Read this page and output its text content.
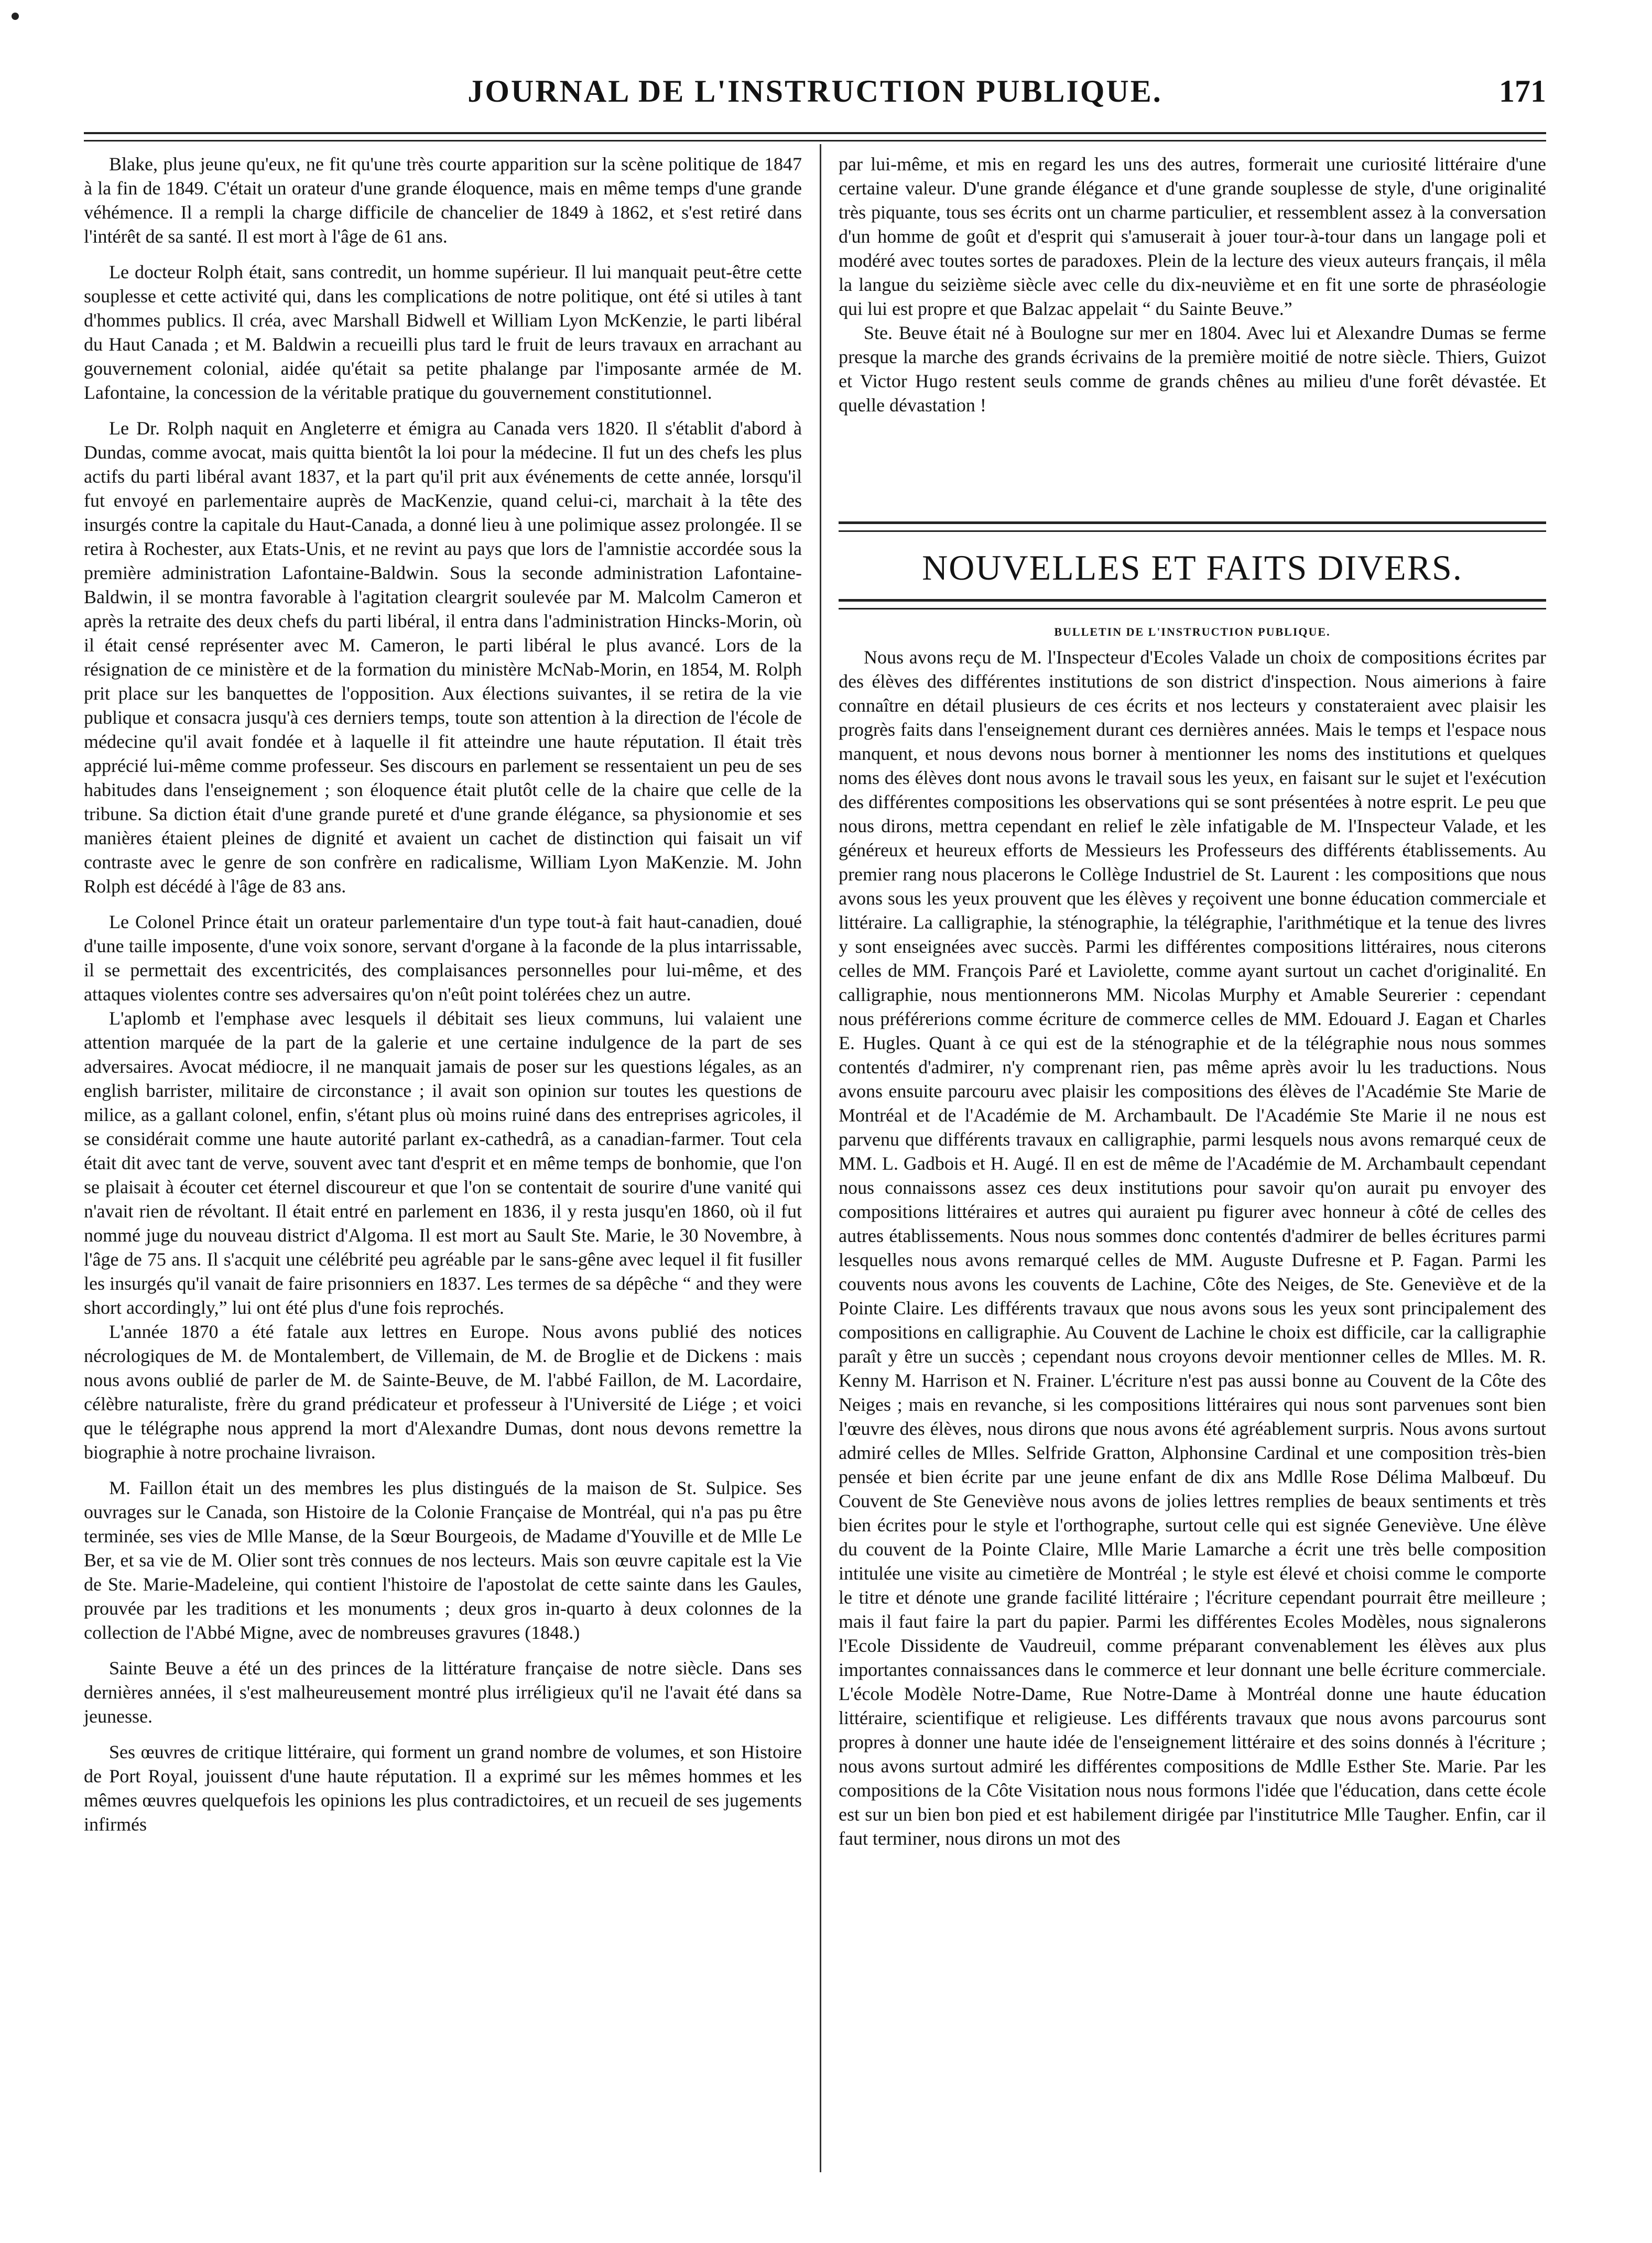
JOURNAL DE L'INSTRUCTION PUBLIQUE.	171

Blake, plus jeune qu'eux, ne fit qu'une très courte apparition sur la scène politique de 1847 à la fin de 1849. C'était un orateur d'une grande éloquence, mais en même temps d'une grande véhémence. Il a rempli la charge difficile de chancelier de 1849 à 1862, et s'est retiré dans l'intérêt de sa santé. Il est mort à l'âge de 61 ans.

Le docteur Rolph était, sans contredit, un homme supérieur. Il lui manquait peut-être cette souplesse et cette activité qui, dans les complications de notre politique, ont été si utiles à tant d'hommes publics. Il créa, avec Marshall Bidwell et William Lyon McKenzie, le parti libéral du Haut Canada ; et M. Baldwin a recueilli plus tard le fruit de leurs travaux en arrachant au gouvernement colonial, aidée qu'était sa petite phalange par l'imposante armée de M. Lafontaine, la concession de la véritable pratique du gouvernement constitutionnel.

Le Dr. Rolph naquit en Angleterre et émigra au Canada vers 1820. Il s'établit d'abord à Dundas, comme avocat, mais quitta bientôt la loi pour la médecine. Il fut un des chefs les plus actifs du parti libéral avant 1837, et la part qu'il prit aux événements de cette année, lorsqu'il fut envoyé en parlementaire auprès de MacKenzie, quand celui-ci, marchait à la tête des insurgés contre la capitale du Haut-Canada, a donné lieu à une polimique assez prolongée. Il se retira à Rochester, aux Etats-Unis, et ne revint au pays que lors de l'amnistie accordée sous la première administration Lafontaine-Baldwin. Sous la seconde administration Lafontaine-Baldwin, il se montra favorable à l'agitation cleargrit soulevée par M. Malcolm Cameron et après la retraite des deux chefs du parti libéral, il entra dans l'administration Hincks-Morin, où il était censé représenter avec M. Cameron, le parti libéral le plus avancé. Lors de la résignation de ce ministère et de la formation du ministère McNab-Morin, en 1854, M. Rolph prit place sur les banquettes de l'opposition. Aux élections suivantes, il se retira de la vie publique et consacra jusqu'à ces derniers temps, toute son attention à la direction de l'école de médecine qu'il avait fondée et à laquelle il fit atteindre une haute réputation. Il était très apprécié lui-même comme professeur. Ses discours en parlement se ressentaient un peu de ses habitudes dans l'enseignement ; son éloquence était plutôt celle de la chaire que celle de la tribune. Sa diction était d'une grande pureté et d'une grande élégance, sa physionomie et ses manières étaient pleines de dignité et avaient un cachet de distinction qui faisait un vif contraste avec le genre de son confrère en radicalisme, William Lyon MaKenzie. M. John Rolph est décédé à l'âge de 83 ans.

Le Colonel Prince était un orateur parlementaire d'un type tout-à fait haut-canadien, doué d'une taille imposente, d'une voix sonore, servant d'organe à la faconde de la plus intarrissable, il se permettait des excentricités, des complaisances personnelles pour lui-même, et des attaques violentes contre ses adversaires qu'on n'eût point tolérées chez un autre.

L'aplomb et l'emphase avec lesquels il débitait ses lieux communs, lui valaient une attention marquée de la part de la galerie et une certaine indulgence de la part de ses adversaires. Avocat médiocre, il ne manquait jamais de poser sur les questions légales, as an english barrister, militaire de circonstance ; il avait son opinion sur toutes les questions de milice, as a gallant colonel, enfin, s'étant plus où moins ruiné dans des entreprises agricoles, il se considérait comme une haute autorité parlant ex-cathedrâ, as a canadian-farmer. Tout cela était dit avec tant de verve, souvent avec tant d'esprit et en même temps de bonhomie, que l'on se plaisait à écouter cet éternel discoureur et que l'on se contentait de sourire d'une vanité qui n'avait rien de révoltant. Il était entré en parlement en 1836, il y resta jusqu'en 1860, où il fut nommé juge du nouveau district d'Algoma. Il est mort au Sault Ste. Marie, le 30 Novembre, à l'âge de 75 ans. Il s'acquit une célébrité peu agréable par le sans-gêne avec lequel il fit fusiller les insurgés qu'il vanait de faire prisonniers en 1837. Les termes de sa dépêche “ and they were short accordingly,” lui ont été plus d'une fois reprochés.

L'année 1870 a été fatale aux lettres en Europe. Nous avons publié des notices nécrologiques de M. de Montalembert, de Villemain, de M. de Broglie et de Dickens : mais nous avons oublié de parler de M. de Sainte-Beuve, de M. l'abbé Faillon, de M. Lacordaire, célèbre naturaliste, frère du grand prédicateur et professeur à l'Université de Liége ; et voici que le télégraphe nous apprend la mort d'Alexandre Dumas, dont nous devons remettre la biographie à notre prochaine livraison.

M. Faillon était un des membres les plus distingués de la maison de St. Sulpice. Ses ouvrages sur le Canada, son Histoire de la Colonie Française de Montréal, qui n'a pas pu être terminée, ses vies de Mlle Manse, de la Sœur Bourgeois, de Madame d'Youville et de Mlle Le Ber, et sa vie de M. Olier sont très connues de nos lecteurs. Mais son œuvre capitale est la Vie de Ste. Marie-Madeleine, qui contient l'histoire de l'apostolat de cette sainte dans les Gaules, prouvée par les traditions et les monuments ; deux gros in-quarto à deux colonnes de la collection de l'Abbé Migne, avec de nombreuses gravures (1848.)

Sainte Beuve a été un des princes de la littérature française de notre siècle. Dans ses dernières années, il s'est malheureusement montré plus irréligieux qu'il ne l'avait été dans sa jeunesse.

Ses œuvres de critique littéraire, qui forment un grand nombre de volumes, et son Histoire de Port Royal, jouissent d'une haute réputation. Il a exprimé sur les mêmes hommes et les mêmes œuvres quelquefois les opinions les plus contradictoires, et un recueil de ses jugements infirmés

par lui-même, et mis en regard les uns des autres, formerait une curiosité littéraire d'une certaine valeur. D'une grande élégance et d'une grande souplesse de style, d'une originalité très piquante, tous ses écrits ont un charme particulier, et ressemblent assez à la conversation d'un homme de goût et d'esprit qui s'amuserait à jouer tour-à-tour dans un langage poli et modéré avec toutes sortes de paradoxes. Plein de la lecture des vieux auteurs français, il mêla la langue du seizième siècle avec celle du dix-neuvième et en fit une sorte de phraséologie qui lui est propre et que Balzac appelait “ du Sainte Beuve.”

Ste. Beuve était né à Boulogne sur mer en 1804. Avec lui et Alexandre Dumas se ferme presque la marche des grands écrivains de la première moitié de notre siècle. Thiers, Guizot et Victor Hugo restent seuls comme de grands chênes au milieu d'une forêt dévastée. Et quelle dévastation !

NOUVELLES ET FAITS DIVERS.
BULLETIN DE L'INSTRUCTION PUBLIQUE.

Nous avons reçu de M. l'Inspecteur d'Ecoles Valade un choix de compositions écrites par des élèves des différentes institutions de son district d'inspection. Nous aimerions à faire connaître en détail plusieurs de ces écrits et nos lecteurs y constateraient avec plaisir les progrès faits dans l'enseignement durant ces dernières années. Mais le temps et l'espace nous manquent, et nous devons nous borner à mentionner les noms des institutions et quelques noms des élèves dont nous avons le travail sous les yeux, en faisant sur le sujet et l'exécution des différentes compositions les observations qui se sont présentées à notre esprit. Le peu que nous dirons, mettra cependant en relief le zèle infatigable de M. l'Inspecteur Valade, et les généreux et heureux efforts de Messieurs les Professeurs des différents établissements. Au premier rang nous placerons le Collège Industriel de St. Laurent : les compositions que nous avons sous les yeux prouvent que les élèves y reçoivent une bonne éducation commerciale et littéraire. La calligraphie, la sténographie, la télégraphie, l'arithmétique et la tenue des livres y sont enseignées avec succès. Parmi les différentes compositions littéraires, nous citerons celles de MM. François Paré et Laviolette, comme ayant surtout un cachet d'originalité. En calligraphie, nous mentionnerons MM. Nicolas Murphy et Amable Seurerier : cependant nous préférerions comme écriture de commerce celles de MM. Edouard J. Eagan et Charles E. Hugles. Quant à ce qui est de la sténographie et de la télégraphie nous nous sommes contentés d'admirer, n'y comprenant rien, pas même après avoir lu les traductions. Nous avons ensuite parcouru avec plaisir les compositions des élèves de l'Académie Ste Marie de Montréal et de l'Académie de M. Archambault. De l'Académie Ste Marie il ne nous est parvenu que différents travaux en calligraphie, parmi lesquels nous avons remarqué ceux de MM. L. Gadbois et H. Augé. Il en est de même de l'Académie de M. Archambault cependant nous connaissons assez ces deux institutions pour savoir qu'on aurait pu envoyer des compositions littéraires et autres qui auraient pu figurer avec honneur à côté de celles des autres établissements. Nous nous sommes donc contentés d'admirer de belles écritures parmi lesquelles nous avons remarqué celles de MM. Auguste Dufresne et P. Fagan. Parmi les couvents nous avons les couvents de Lachine, Côte des Neiges, de Ste. Geneviève et de la Pointe Claire. Les différents travaux que nous avons sous les yeux sont principalement des compositions en calligraphie. Au Couvent de Lachine le choix est difficile, car la calligraphie paraît y être un succès ; cependant nous croyons devoir mentionner celles de Mlles. M. R. Kenny M. Harrison et N. Frainer. L'écriture n'est pas aussi bonne au Couvent de la Côte des Neiges ; mais en revanche, si les compositions littéraires qui nous sont parvenues sont bien l'œuvre des élèves, nous dirons que nous avons été agréablement surpris. Nous avons surtout admiré celles de Mlles. Selfride Gratton, Alphonsine Cardinal et une composition très-bien pensée et bien écrite par une jeune enfant de dix ans Mdlle Rose Délima Malbœuf. Du Couvent de Ste Geneviève nous avons de jolies lettres remplies de beaux sentiments et très bien écrites pour le style et l'orthographe, surtout celle qui est signée Geneviève. Une élève du couvent de la Pointe Claire, Mlle Marie Lamarche a écrit une très belle composition intitulée une visite au cimetière de Montréal ; le style est élevé et choisi comme le comporte le titre et dénote une grande facilité littéraire ; l'écriture cependant pourrait être meilleure ; mais il faut faire la part du papier. Parmi les différentes Ecoles Modèles, nous signalerons l'Ecole Dissidente de Vaudreuil, comme préparant convenablement les élèves aux plus importantes connaissances dans le commerce et leur donnant une belle écriture commerciale. L'école Modèle Notre-Dame, Rue Notre-Dame à Montréal donne une haute éducation littéraire, scientifique et religieuse. Les différents travaux que nous avons parcourus sont propres à donner une haute idée de l'enseignement littéraire et des soins donnés à l'écriture ; nous avons surtout admiré les différentes compositions de Mdlle Esther Ste. Marie. Par les compositions de la Côte Visitation nous nous formons l'idée que l'éducation, dans cette école est sur un bien bon pied et est habilement dirigée par l'institutrice Mlle Taugher. Enfin, car il faut terminer, nous dirons un mot des
